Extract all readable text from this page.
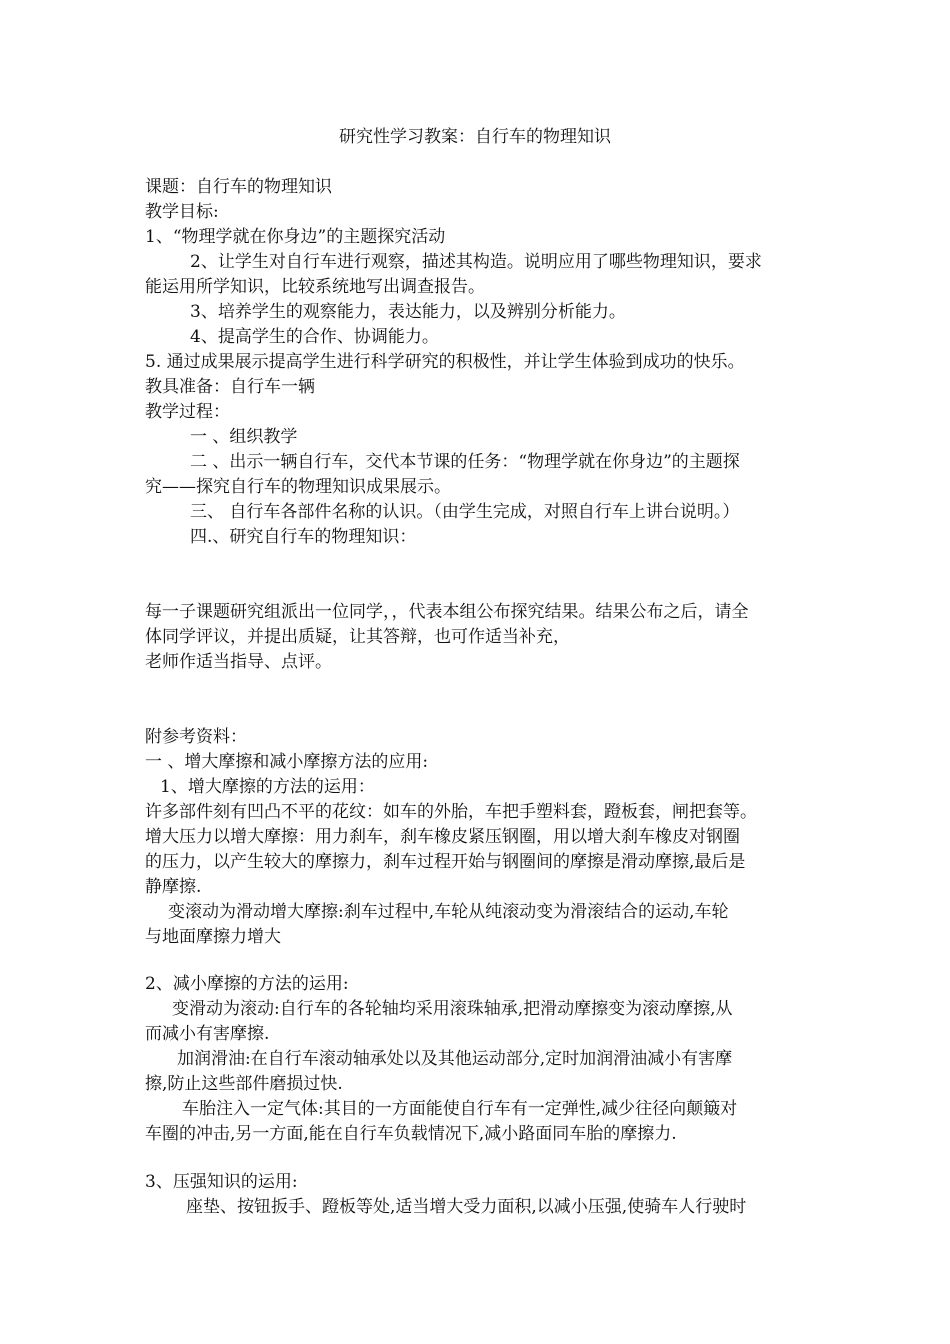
研究性学习教案：自行车的物理知识
课题：自行车的物理知识
教学目标:
1、“物理学就在你身边”的主题探究活动
2、让学生对自行车进行观察，描述其构造。说明应用了哪些物理知识，要求
能运用所学知识，比较系统地写出调查报告。
3、培养学生的观察能力，表达能力，以及辨别分析能力。
4、提高学生的合作、协调能力。
5. 通过成果展示提高学生进行科学研究的积极性，并让学生体验到成功的快乐。
教具准备：自行车一辆
教学过程：
一 、组织教学
二 、出示一辆自行车，交代本节课的任务：“物理学就在你身边”的主题探
究——探究自行车的物理知识成果展示。
三、 自行车各部件名称的认识。（由学生完成，对照自行车上讲台说明。）
四.、研究自行车的物理知识：
每一子课题研究组派出一位同学，，代表本组公布探究结果。结果公布之后，请全
体同学评议，并提出质疑，让其答辩，也可作适当补充，
老师作适当指导、点评。
附参考资料：
一 、增大摩擦和减小摩擦方法的应用:
1、增大摩擦的方法的运用：
许多部件刻有凹凸不平的花纹：如车的外胎，车把手塑料套，蹬板套，闸把套等。
增大压力以增大摩擦：用力刹车，刹车橡皮紧压钢圈，用以增大刹车橡皮对钢圈
的压力，以产生较大的摩擦力，刹车过程开始与钢圈间的摩擦是滑动摩擦,最后是
静摩擦.
变滚动为滑动增大摩擦:刹车过程中,车轮从纯滚动变为滑滚结合的运动,车轮
与地面摩擦力增大
2、减小摩擦的方法的运用:
变滑动为滚动:自行车的各轮轴均采用滚珠轴承,把滑动摩擦变为滚动摩擦,从
而减小有害摩擦.
加润滑油:在自行车滚动轴承处以及其他运动部分,定时加润滑油减小有害摩
擦,防止这些部件磨损过快.
车胎注入一定气体:其目的一方面能使自行车有一定弹性,减少往径向颠簸对
车圈的冲击,另一方面,能在自行车负载情况下,减小路面同车胎的摩擦力.
3、压强知识的运用:
座垫、按钮扳手、蹬板等处,适当增大受力面积,以减小压强,使骑车人行驶时
